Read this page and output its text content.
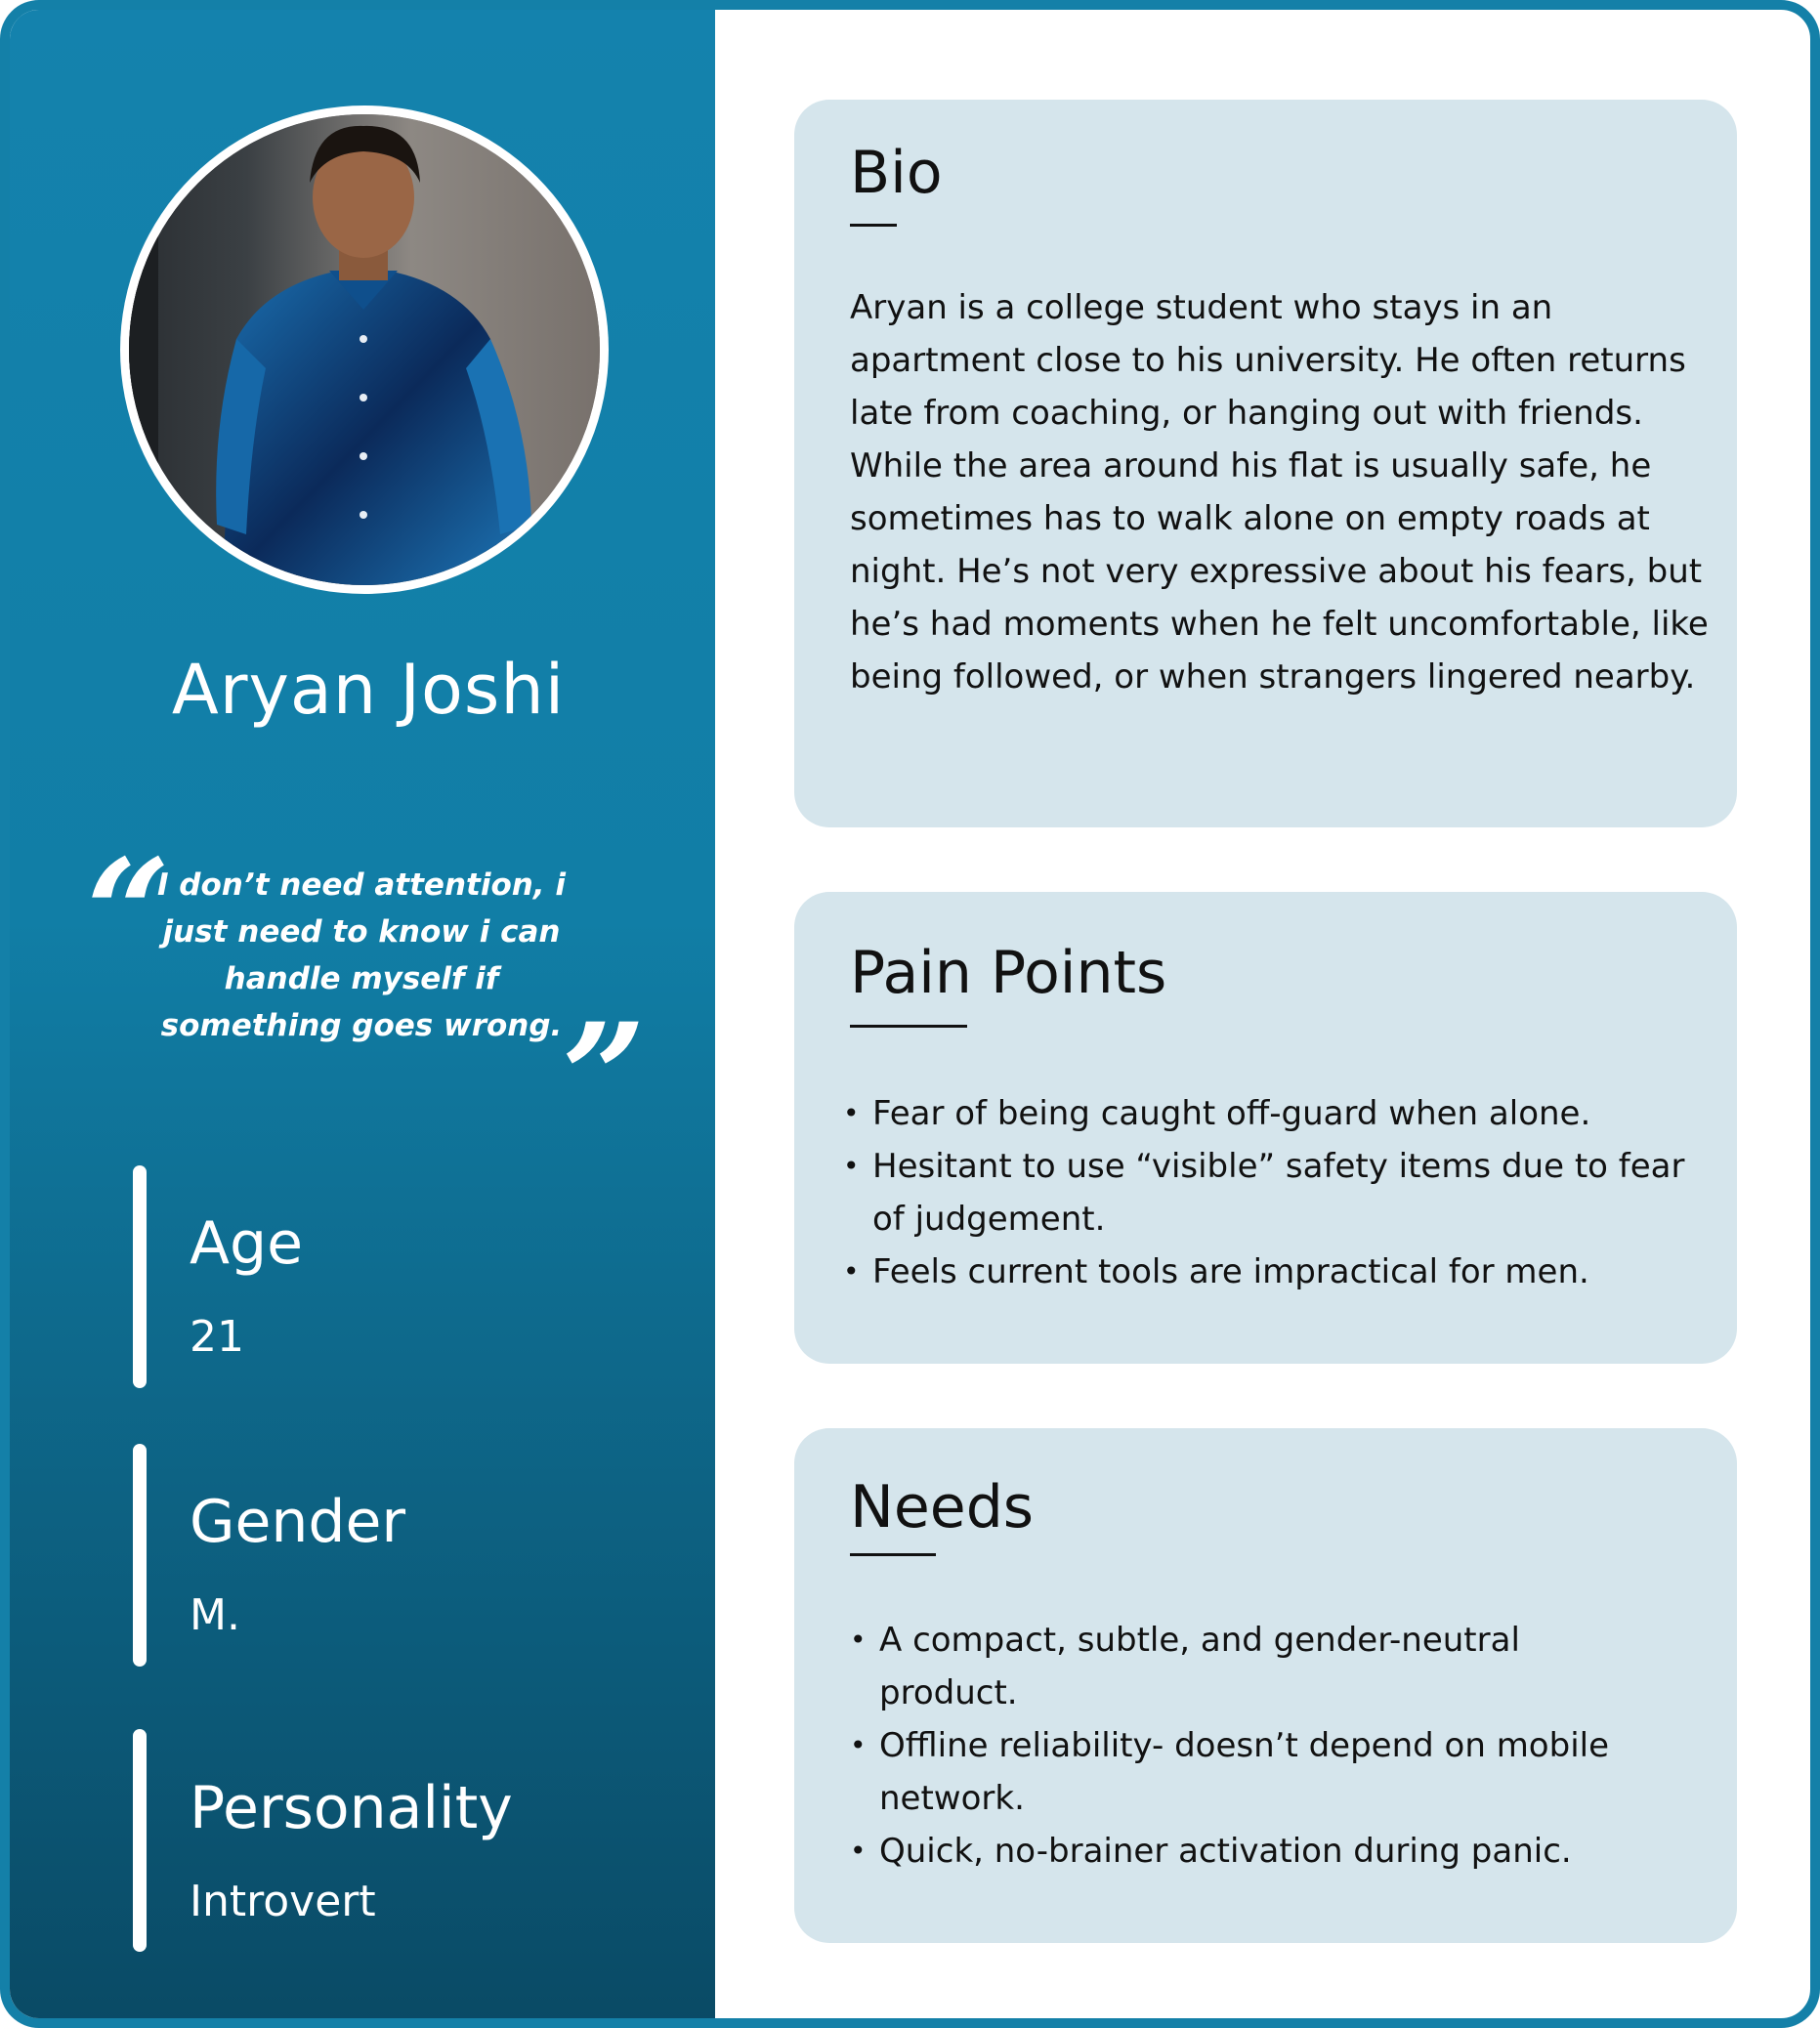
Aryan Joshi
“
I don’t need attention, i just need to know i can handle myself if something goes wrong. ”
Age
21
Gender
M.
Personality
Introvert
Bio
Aryan is a college student who stays in an apartment close to his university. He often returns late from coaching, or hanging out with friends. While the area around his flat is usually safe, he sometimes has to walk alone on empty roads at night. He’s not very expressive about his fears, but he’s had moments when he felt uncomfortable, like being followed, or when strangers lingered nearby.
Pain Points
• Fear of being caught off-guard when alone.
• Hesitant to use “visible” safety items due to fear of judgement.
• Feels current tools are impractical for men.
Needs
• A compact, subtle, and gender-neutral product.
• Offline reliability- doesn’t depend on mobile network.
• Quick, no-brainer activation during panic.
